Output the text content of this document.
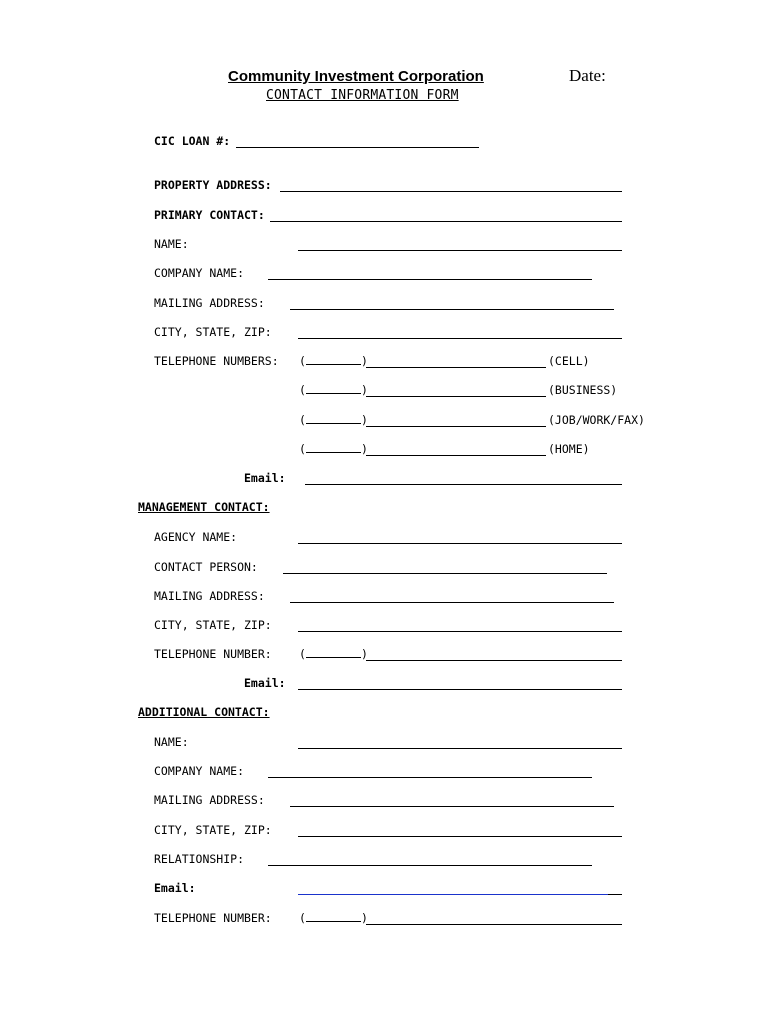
Community Investment Corporation	Date:
CONTACT INFORMATION FORM
CIC LOAN #:
PROPERTY ADDRESS:
PRIMARY CONTACT:
NAME:
COMPANY NAME:
MAILING ADDRESS:
CITY, STATE, ZIP:
TELEPHONE NUMBERS: (	)	(CELL)
(	)	(BUSINESS)
(	)	(JOB/WORK/FAX)
(	)	(HOME)
Email:
MANAGEMENT CONTACT:
AGENCY NAME:
CONTACT PERSON:
MAILING ADDRESS:
CITY, STATE, ZIP:
TELEPHONE NUMBER: (	)
Email:
ADDITIONAL CONTACT:
NAME:
COMPANY NAME:
MAILING ADDRESS:
CITY, STATE, ZIP:
RELATIONSHIP:
Email:
TELEPHONE NUMBER: (	)
